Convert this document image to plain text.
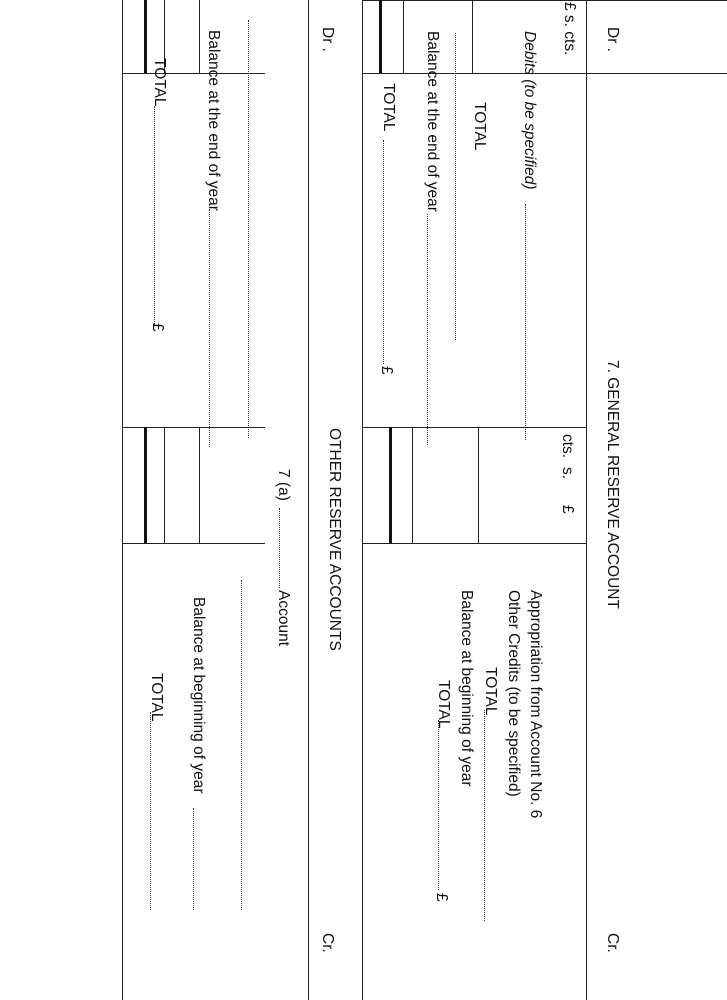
Dr .
7. GENERAL RESERVE ACCOUNT
Cr.
£
s.
cts.
£ s. cts.
Debits (to be specified)
TOTAL
Balance at the end of year
TOTAL
£
Appropriation from Account No. 6
Other Credits (to be specified)
TOTAL
Balance at beginning of year
TOTAL
£
Dr .
OTHER RESERVE ACCOUNTS
Cr.
7 (a)
Account
Balance at the end of year
TOTAL
£
Balance at beginning of year
TOTAL
